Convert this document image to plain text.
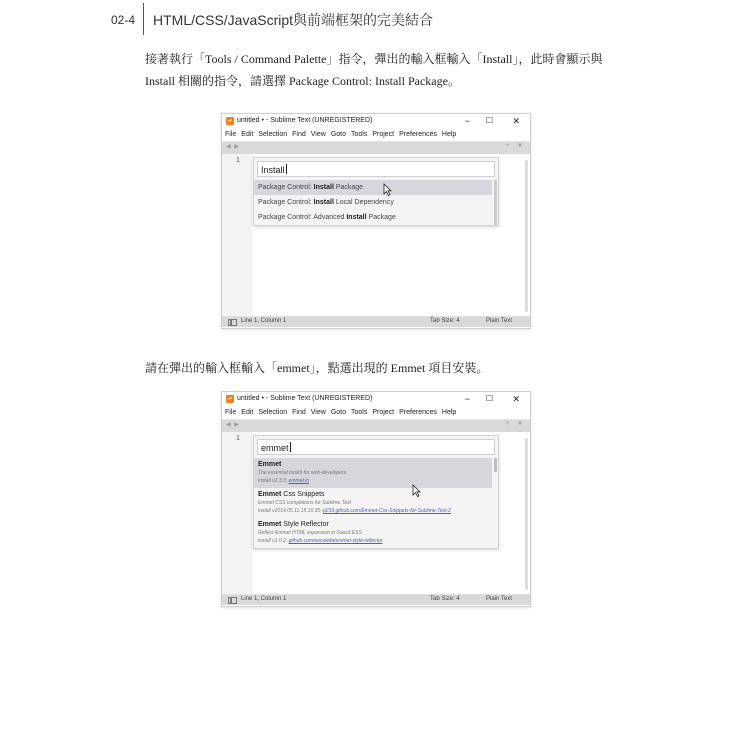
02-4 HTML/CSS/JavaScript與前端框架的完美結合

接著執行「Tools / Command Palette」指令，彈出的輸入框輸入「Install」，此時會顯示與 Install 相關的指令，請選擇 Package Control: Install Package。

untitled • - Sublime Text (UNREGISTERED)	− ☐ ✕
File Edit Selection Find View Goto Tools Project Preferences Help
◀ ▶	+ ▼
1
Install
Package Control: Install Package
Package Control: Install Local Dependency
Package Control: Advanced Install Package
Line 1, Column 1	Tab Size: 4	Plain Text

請在彈出的輸入框輸入「emmet」，點選出現的 Emmet 項目安裝。

untitled • - Sublime Text (UNREGISTERED)	− ☐ ✕
File Edit Selection Find View Goto Tools Project Preferences Help
◀ ▶	+ ▼
1
emmet
Emmet
The essential toolkit for web-developers
install v2.3.3; emmet.io
Emmet Css Snippets
Emmet CSS completions for Sublime Text
install v2014.05.11.15.10.35; p233.github.com/Emmet-Css-Snippets-for-Sublime-Text-2
Emmet Style Reflector
Reflect Emmet HTML expansion in Sass/LESS
install v1.0.2; github.com/eecolella/emmet-style-reflector
Line 1, Column 1	Tab Size: 4	Plain Text
